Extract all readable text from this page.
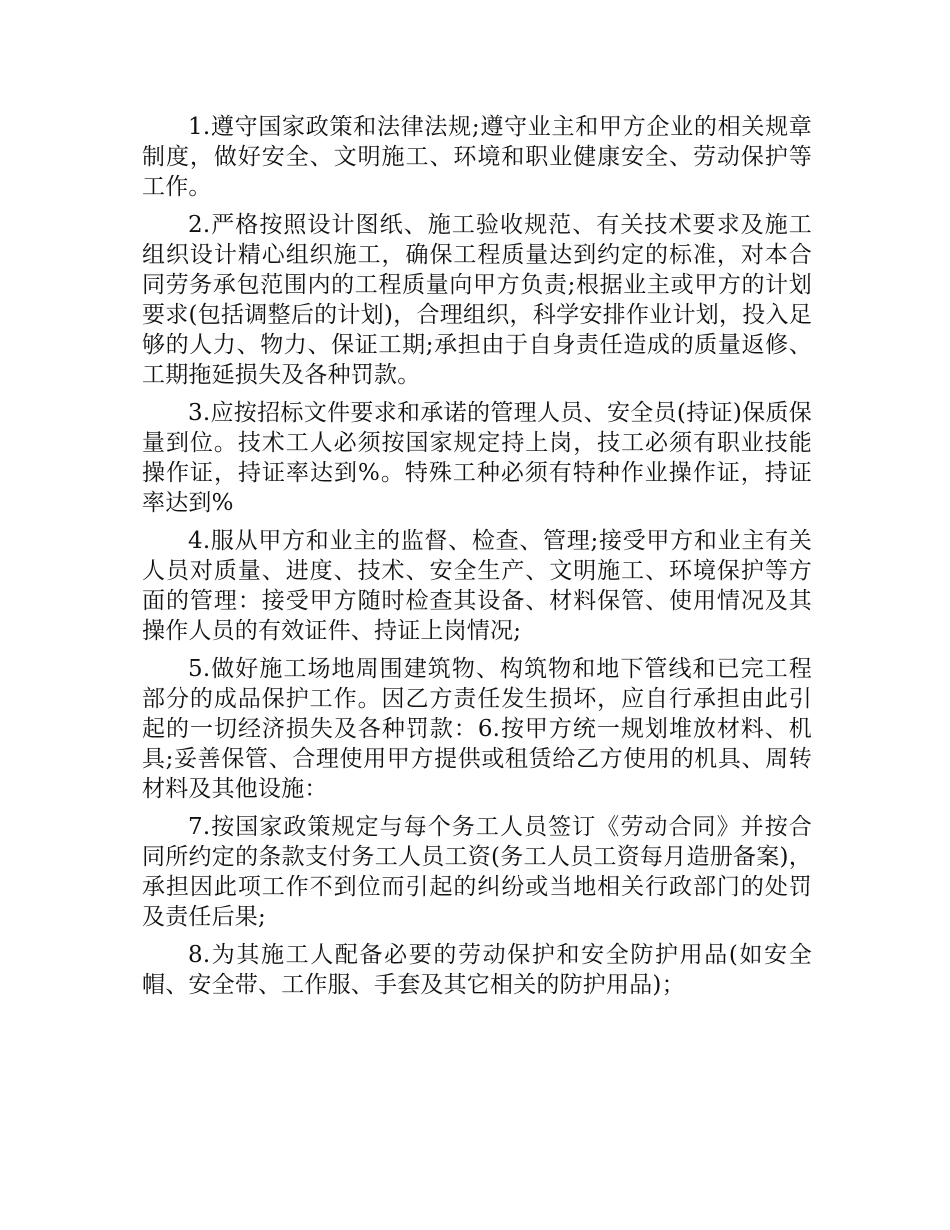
1.遵守国家政策和法律法规;遵守业主和甲方企业的相关规章制度，做好安全、文明施工、环境和职业健康安全、劳动保护等工作。

2.严格按照设计图纸、施工验收规范、有关技术要求及施工组织设计精心组织施工，确保工程质量达到约定的标准，对本合同劳务承包范围内的工程质量向甲方负责;根据业主或甲方的计划要求(包括调整后的计划)，合理组织，科学安排作业计划，投入足够的人力、物力、保证工期;承担由于自身责任造成的质量返修、工期拖延损失及各种罚款。

3.应按招标文件要求和承诺的管理人员、安全员(持证)保质保量到位。技术工人必须按国家规定持上岗，技工必须有职业技能操作证，持证率达到%。特殊工种必须有特种作业操作证，持证率达到%

4.服从甲方和业主的监督、检查、管理;接受甲方和业主有关人员对质量、进度、技术、安全生产、文明施工、环境保护等方面的管理：接受甲方随时检查其设备、材料保管、使用情况及其操作人员的有效证件、持证上岗情况;

5.做好施工场地周围建筑物、构筑物和地下管线和已完工程部分的成品保护工作。因乙方责任发生损坏，应自行承担由此引起的一切经济损失及各种罚款：6.按甲方统一规划堆放材料、机具;妥善保管、合理使用甲方提供或租赁给乙方使用的机具、周转材料及其他设施：

7.按国家政策规定与每个务工人员签订《劳动合同》并按合同所约定的条款支付务工人员工资(务工人员工资每月造册备案)，承担因此项工作不到位而引起的纠纷或当地相关行政部门的处罚及责任后果;

8.为其施工人配备必要的劳动保护和安全防护用品(如安全帽、安全带、工作服、手套及其它相关的防护用品)；
